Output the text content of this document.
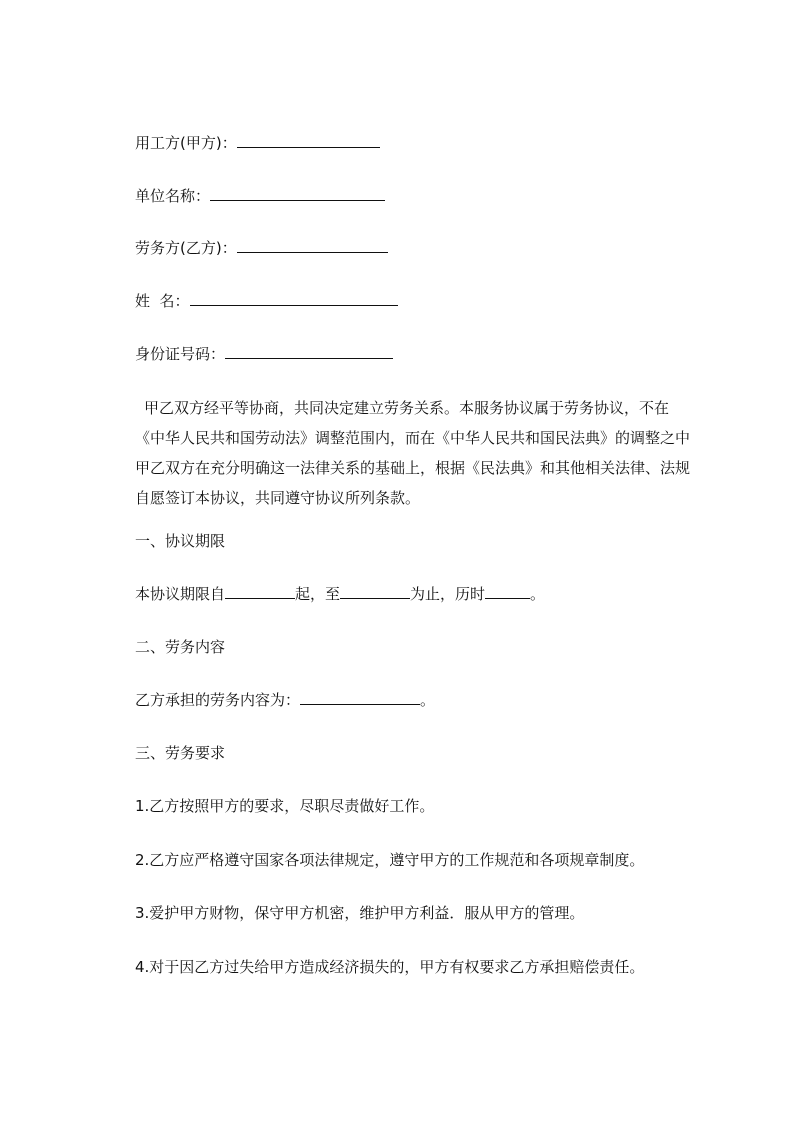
用工方(甲方)：
单位名称：
劳务方(乙方)：
姓  名：
身份证号码：
甲乙双方经平等协商，共同决定建立劳务关系。本服务协议属于劳务协议，不在
《中华人民共和国劳动法》调整范围内，而在《中华人民共和国民法典》的调整之中
甲乙双方在充分明确这一法律关系的基础上，根据《民法典》和其他相关法律、法规
自愿签订本协议，共同遵守协议所列条款。
一、协议期限
本协议期限自	起，至	为止，历时	。
二、劳务内容
乙方承担的劳务内容为：	。
三、劳务要求
1.乙方按照甲方的要求，尽职尽责做好工作。
2.乙方应严格遵守国家各项法律规定，遵守甲方的工作规范和各项规章制度。
3.爱护甲方财物，保守甲方机密，维护甲方利益．服从甲方的管理。
4.对于因乙方过失给甲方造成经济损失的，甲方有权要求乙方承担赔偿责任。
